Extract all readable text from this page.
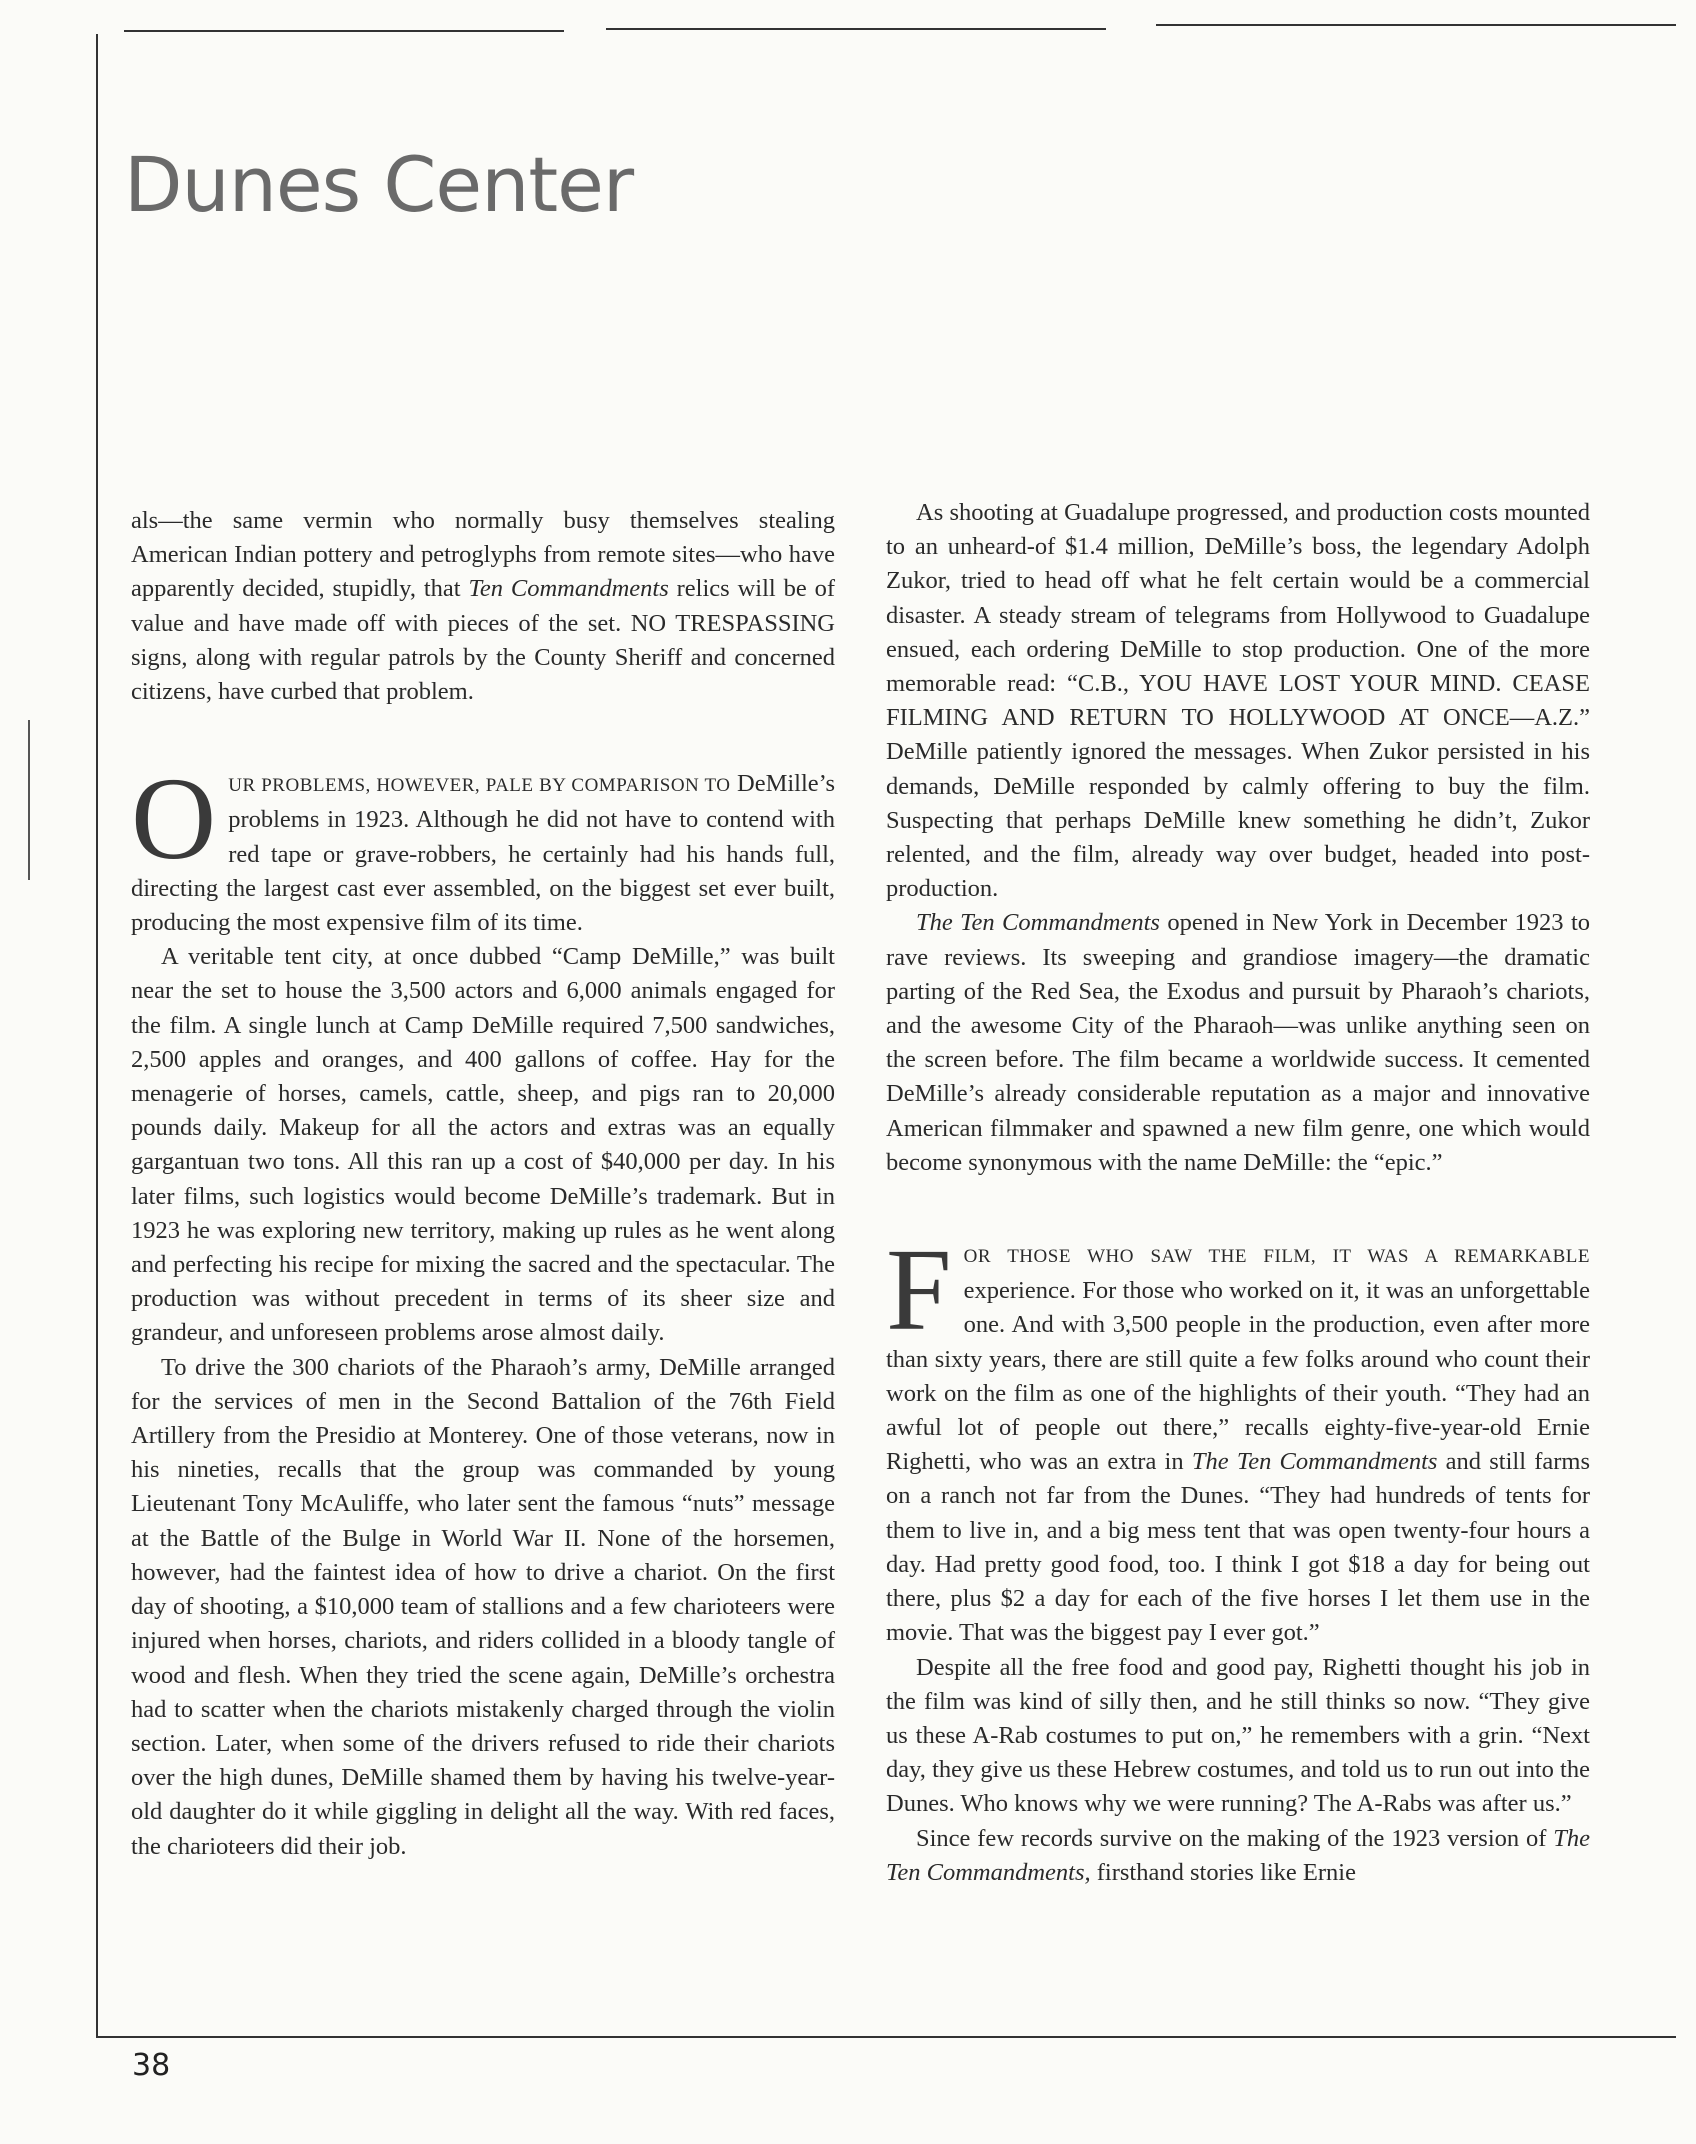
Dunes Center

als—the same vermin who normally busy themselves stealing American Indian pottery and petroglyphs from remote sites—who have apparently decided, stupidly, that Ten Commandments relics will be of value and have made off with pieces of the set. NO TRESPASSING signs, along with regular patrols by the County Sheriff and concerned citizens, have curbed that problem.

OUR PROBLEMS, HOWEVER, PALE BY COMPARISON TO DeMille’s problems in 1923. Although he did not have to contend with red tape or grave-robbers, he certainly had his hands full, directing the largest cast ever assembled, on the biggest set ever built, producing the most expensive film of its time.

A veritable tent city, at once dubbed “Camp DeMille,” was built near the set to house the 3,500 actors and 6,000 animals engaged for the film. A single lunch at Camp DeMille required 7,500 sandwiches, 2,500 apples and oranges, and 400 gallons of coffee. Hay for the menagerie of horses, camels, cattle, sheep, and pigs ran to 20,000 pounds daily. Makeup for all the actors and extras was an equally gargantuan two tons. All this ran up a cost of $40,000 per day. In his later films, such logistics would become DeMille’s trademark. But in 1923 he was exploring new territory, making up rules as he went along and perfecting his recipe for mixing the sacred and the spectacular. The production was without precedent in terms of its sheer size and grandeur, and unforeseen problems arose almost daily.

To drive the 300 chariots of the Pharaoh’s army, DeMille arranged for the services of men in the Second Battalion of the 76th Field Artillery from the Presidio at Monterey. One of those veterans, now in his nineties, recalls that the group was commanded by young Lieutenant Tony McAuliffe, who later sent the famous “nuts” message at the Battle of the Bulge in World War II. None of the horsemen, however, had the faintest idea of how to drive a chariot. On the first day of shooting, a $10,000 team of stallions and a few charioteers were injured when horses, chariots, and riders collided in a bloody tangle of wood and flesh. When they tried the scene again, DeMille’s orchestra had to scatter when the chariots mistakenly charged through the violin section. Later, when some of the drivers refused to ride their chariots over the high dunes, DeMille shamed them by having his twelve-year-old daughter do it while giggling in delight all the way. With red faces, the charioteers did their job.

As shooting at Guadalupe progressed, and production costs mounted to an unheard-of $1.4 million, DeMille’s boss, the legendary Adolph Zukor, tried to head off what he felt certain would be a commercial disaster. A steady stream of telegrams from Hollywood to Guadalupe ensued, each ordering DeMille to stop production. One of the more memorable read: “C.B., YOU HAVE LOST YOUR MIND. CEASE FILMING AND RETURN TO HOLLYWOOD AT ONCE—A.Z.” DeMille patiently ignored the messages. When Zukor persisted in his demands, DeMille responded by calmly offering to buy the film. Suspecting that perhaps DeMille knew something he didn’t, Zukor relented, and the film, already way over budget, headed into post-production.

The Ten Commandments opened in New York in December 1923 to rave reviews. Its sweeping and grandiose imagery—the dramatic parting of the Red Sea, the Exodus and pursuit by Pharaoh’s chariots, and the awesome City of the Pharaoh—was unlike anything seen on the screen before. The film became a worldwide success. It cemented DeMille’s already considerable reputation as a major and innovative American filmmaker and spawned a new film genre, one which would become synonymous with the name DeMille: the “epic.”

FOR THOSE WHO SAW THE FILM, IT WAS A REMARKABLE experience. For those who worked on it, it was an unforgettable one. And with 3,500 people in the production, even after more than sixty years, there are still quite a few folks around who count their work on the film as one of the highlights of their youth. “They had an awful lot of people out there,” recalls eighty-five-year-old Ernie Righetti, who was an extra in The Ten Commandments and still farms on a ranch not far from the Dunes. “They had hundreds of tents for them to live in, and a big mess tent that was open twenty-four hours a day. Had pretty good food, too. I think I got $18 a day for being out there, plus $2 a day for each of the five horses I let them use in the movie. That was the biggest pay I ever got.”

Despite all the free food and good pay, Righetti thought his job in the film was kind of silly then, and he still thinks so now. “They give us these A-Rab costumes to put on,” he remembers with a grin. “Next day, they give us these Hebrew costumes, and told us to run out into the Dunes. Who knows why we were running? The A-Rabs was after us.”

Since few records survive on the making of the 1923 version of The Ten Commandments, firsthand stories like Ernie

38
